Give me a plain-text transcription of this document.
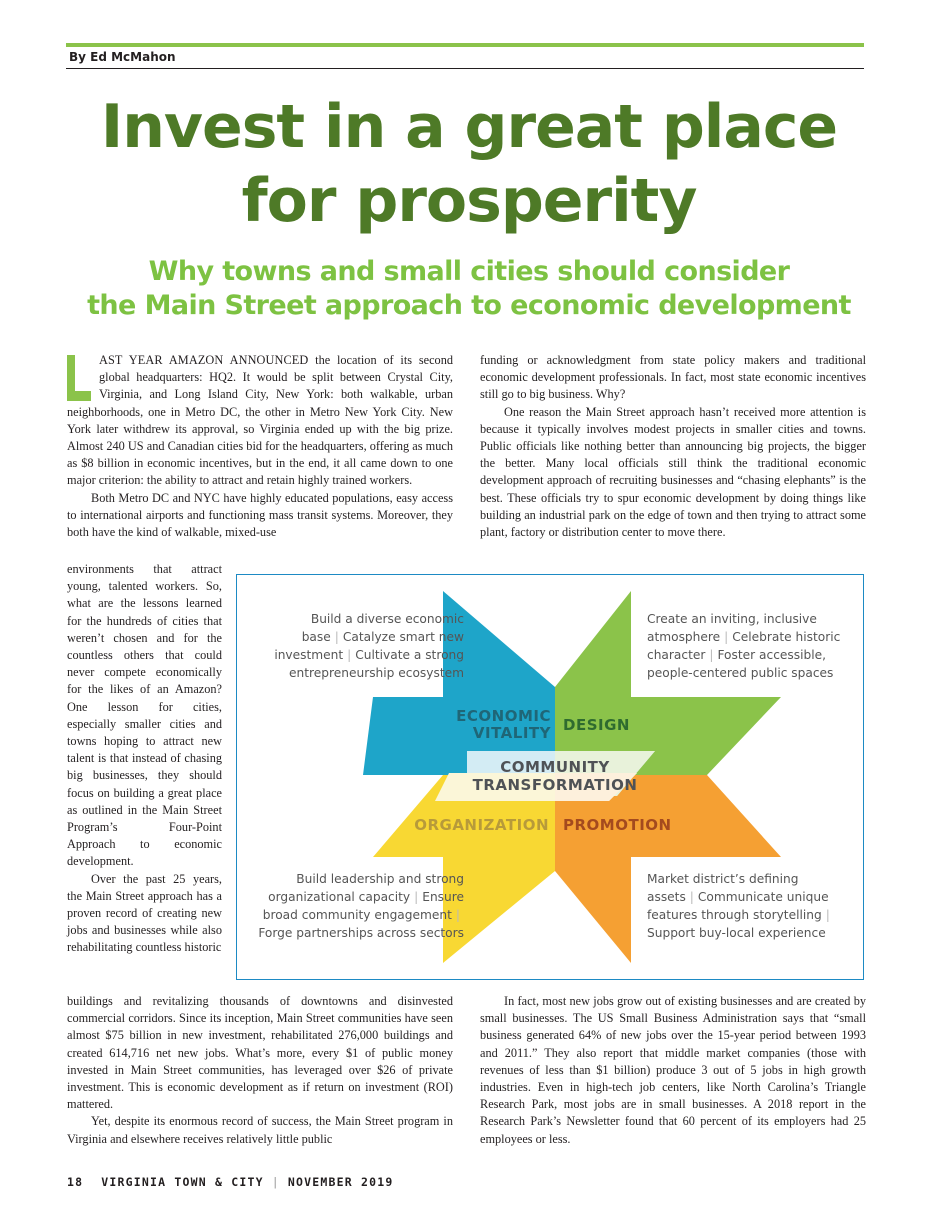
By Ed McMahon
Invest in a great place
for prosperity
Why towns and small cities should consider
the Main Street approach to economic development

AST YEAR AMAZON ANNOUNCED the location of its second global headquarters: HQ2. It would be split between Crystal City, Virginia, and Long Island City, New York: both walkable, urban neighborhoods, one in Metro DC, the other in Metro New York City. New York later withdrew its approval, so Virginia ended up with the big prize. Almost 240 US and Canadian cities bid for the headquarters, offering as much as $8 billion in economic incentives, but in the end, it all came down to one major criterion: the ability to attract and retain highly trained workers.

Both Metro DC and NYC have highly educated populations, easy access to international airports and functioning mass transit systems. Moreover, they both have the kind of walkable, mixed-use

environments that attract young, talented workers. So, what are the lessons learned for the hundreds of cities that weren’t chosen and for the countless others that could never compete economically for the likes of an Amazon? One lesson for cities, especially smaller cities and towns hoping to attract new talent is that instead of chasing big businesses, they should focus on building a great place as outlined in the Main Street Program’s Four-Point Approach to economic development.

Over the past 25 years, the Main Street approach has a proven record of creating new jobs and businesses while also rehabilitating countless historic

buildings and revitalizing thousands of downtowns and disinvested commercial corridors. Since its inception, Main Street communities have seen almost $75 billion in new investment, rehabilitated 276,000 buildings and created 614,716 net new jobs. What’s more, every $1 of public money invested in Main Street communities, has leveraged over $26 of private investment. This is economic development as if return on investment (ROI) mattered.

Yet, despite its enormous record of success, the Main Street program in Virginia and elsewhere receives relatively little public

funding or acknowledgment from state policy makers and traditional economic development professionals. In fact, most state economic incentives still go to big business. Why?

One reason the Main Street approach hasn’t received more attention is because it typically involves modest projects in smaller cities and towns. Public officials like nothing better than announcing big projects, the bigger the better. Many local officials still think the traditional economic development approach of recruiting businesses and “chasing elephants” is the best. These officials try to spur economic development by doing things like building an industrial park on the edge of town and then trying to attract some plant, factory or distribution center to move there.

In fact, most new jobs grow out of existing businesses and are created by small businesses. The US Small Business Administration says that “small business generated 64% of new jobs over the 15-year period between 1993 and 2011.” They also report that middle market companies (those with revenues of less than $1 billion) produce 3 out of 5 jobs in high growth industries. Even in high-tech job centers, like North Carolina’s Triangle Research Park, most jobs are in small businesses. A 2018 report in the Research Park’s Newsletter found that 60 percent of its employers had 25 employees or less.

ECONOMIC
VITALITY DESIGN
COMMUNITY
TRANSFORMATION
ORGANIZATION PROMOTION
Build a diverse economic
base | Catalyze smart new
investment | Cultivate a strong
entrepreneurship ecosystem
Create an inviting, inclusive
atmosphere | Celebrate historic
character | Foster accessible,
people-centered public spaces
Build leadership and strong
organizational capacity | Ensure
broad community engagement |
Forge partnerships across sectors
Market district’s defining
assets | Communicate unique
features through storytelling |
Support buy-local experience
18 VIRGINIA TOWN & CITY | NOVEMBER 2019
